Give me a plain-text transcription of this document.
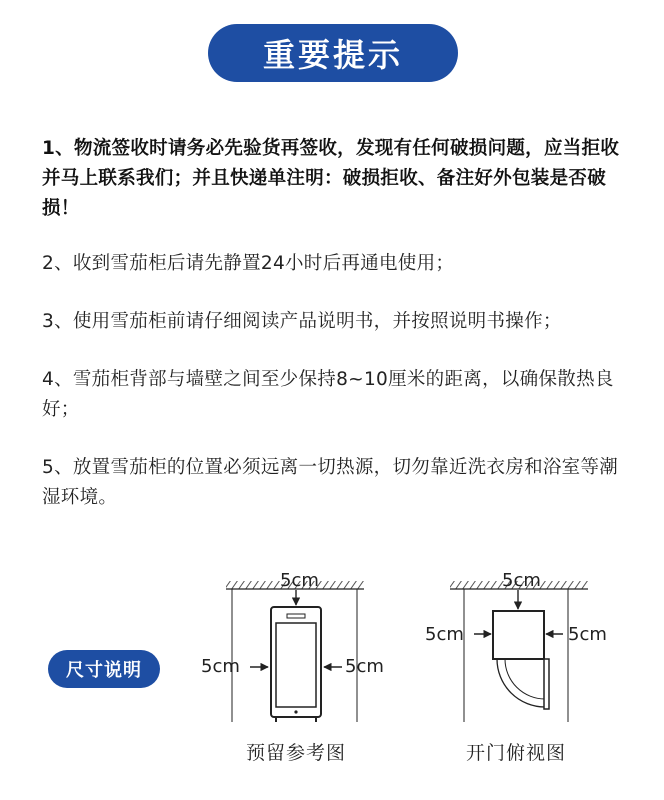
重要提示

1、物流签收时请务必先验货再签收，发现有任何破损问题，应当拒收并马上联系我们；并且快递单注明：破损拒收、备注好外包装是否破损！

2、收到雪茄柜后请先静置24小时后再通电使用；

3、使用雪茄柜前请仔细阅读产品说明书，并按照说明书操作；

4、雪茄柜背部与墙壁之间至少保持8~10厘米的距离，以确保散热良好；

5、放置雪茄柜的位置必须远离一切热源，切勿靠近洗衣房和浴室等潮湿环境。

尺寸说明
5cm
5cm	5cm
5cm
5cm	5cm
预留参考图	开门俯视图
